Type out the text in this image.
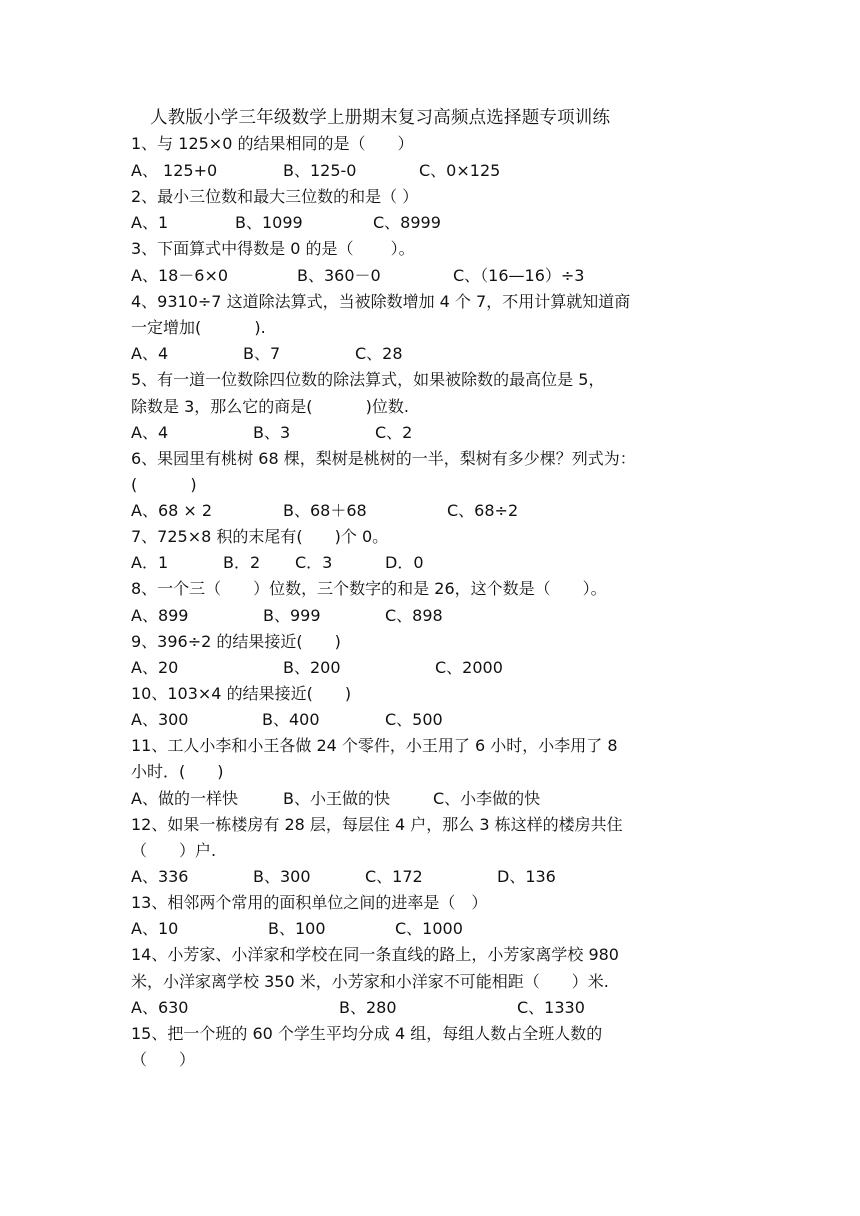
人教版小学三年级数学上册期末复习高频点选择题专项训练
1、与 125×0 的结果相同的是（　　）
A、 125+0	B、125-0	C、0×125
2、最小三位数和最大三位数的和是（ ）
A、1	B、1099	C、8999
3、下面算式中得数是 0 的是（　　 ）。
A、18－6×0	B、360－0	C、（16—16）÷3
4、9310÷7 这道除法算式，当被除数增加 4 个 7，不用计算就知道商
一定增加(　　　 ).
A、4	B、7	C、28
5、有一道一位数除四位数的除法算式，如果被除数的最高位是 5，
除数是 3，那么它的商是(　　　 )位数.
A、4	B、3	C、2
6、果园里有桃树 68 棵，梨树是桃树的一半，梨树有多少棵？列式为：
(　　　 )
A、68 × 2	B、68＋68	C、68÷2
7、725×8 积的末尾有(　　)个 0。
A．1	B．2 C．3	D．0
8、一个三（　　）位数，三个数字的和是 26，这个数是（　　）。
A、899	B、999	C、898
9、396÷2 的结果接近(　　)
A、20	B、200	C、2000
10、103×4 的结果接近(　　)
A、300	B、400	C、500
11、工人小李和小王各做 24 个零件，小王用了 6 小时，小李用了 8
小时．(　　)
A、做的一样快	B、小王做的快	C、小李做的快
12、如果一栋楼房有 28 层，每层住 4 户，那么 3 栋这样的楼房共住
（　　）户.
A、336	B、300	C、172	D、136
13、相邻两个常用的面积单位之间的进率是（　）
A、10	B、100	C、1000
14、小芳家、小洋家和学校在同一条直线的路上，小芳家离学校 980
米，小洋家离学校 350 米，小芳家和小洋家不可能相距（　　）米.
A、630	B、280	C、1330
15、把一个班的 60 个学生平均分成 4 组，每组人数占全班人数的
（　　）
